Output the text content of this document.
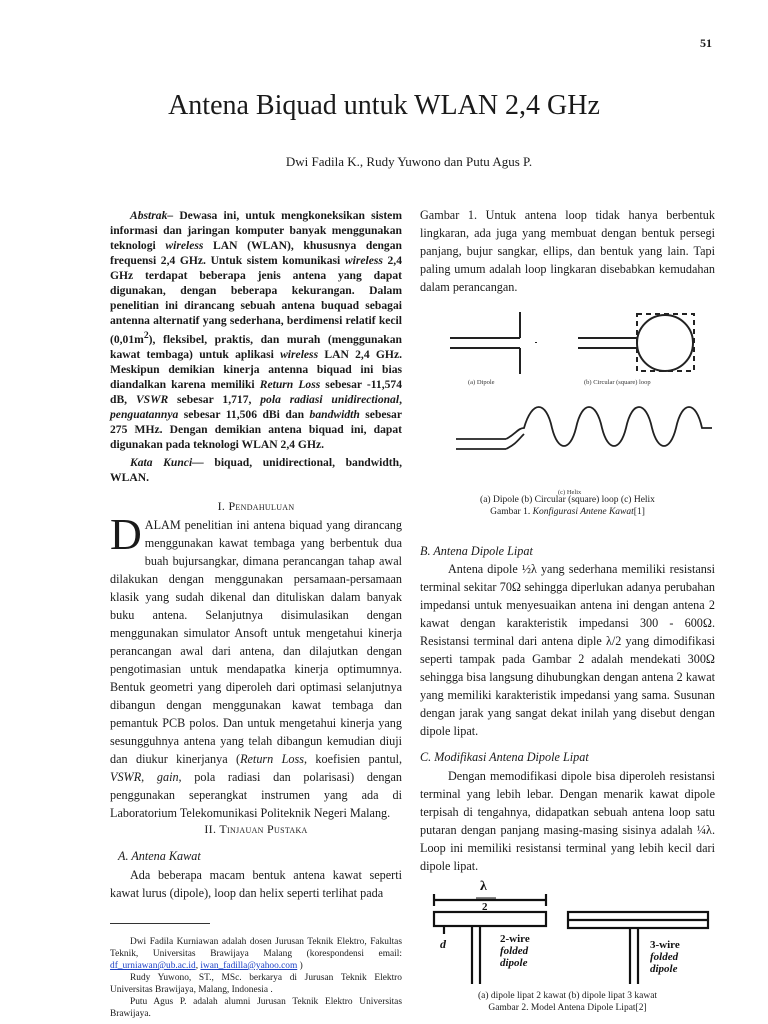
51
Antena Biquad untuk WLAN 2,4 GHz
Dwi Fadila K., Rudy Yuwono dan Putu Agus P.

Abstrak– Dewasa ini, untuk mengkoneksikan sistem informasi dan jaringan komputer banyak menggunakan teknologi wireless LAN (WLAN), khususnya dengan frequensi 2,4 GHz. Untuk sistem komunikasi wireless 2,4 GHz terdapat beberapa jenis antena yang dapat digunakan, dengan beberapa kekurangan. Dalam penelitian ini dirancang sebuah antena buquad sebagai antenna alternatif yang sederhana, berdimensi relatif kecil $(0,01m^2)$, fleksibel, praktis, dan murah (menggunakan kawat tembaga) untuk aplikasi wireless LAN 2,4 GHz. Meskipun demikian kinerja antenna biquad ini bias diandalkan karena memiliki Return Loss sebesar -11,574 dB, VSWR sebesar 1,717, pola radiasi unidirectional, penguatannya sebesar 11,506 dBi dan bandwidth sebesar 275 MHz. Dengan demikian antena biquad ini, dapat digunakan pada teknologi WLAN 2,4 GHz.

Kata Kunci— biquad, unidirectional, bandwidth, WLAN.

I. Pendahuluan
DALAM penelitian ini antena biquad yang dirancang menggunakan kawat tembaga yang berbentuk dua buah bujursangkar, dimana perancangan tahap awal dilakukan dengan menggunakan persamaan-persamaan klasik yang sudah dikenal dan dituliskan dalam banyak buku antena. Selanjutnya disimulasikan dengan menggunakan simulator Ansoft untuk mengetahui kinerja perancangan awal dari antena, dan dilajutkan dengan pengotimasian untuk mendapatka kinerja optimumnya. Bentuk geometri yang diperoleh dari optimasi selanjutnya dibangun dengan menggunakan kawat tembaga dan pemantuk PCB polos. Dan untuk mengetahui kinerja yang sesungguhnya antena yang telah dibangun kemudian diuji dan diukur kinerjanya (Return Loss, koefisien pantul, VSWR, gain, pola radiasi dan polarisasi) dengan penggunakan seperangkat instrumen yang ada di Laboratorium Telekomunikasi Politeknik Negeri Malang.
II. Tinjauan Pustaka
A. Antena Kawat

Ada beberapa macam bentuk antena kawat seperti kawat lurus (dipole), loop dan helix seperti terlihat pada

Dwi Fadila Kurniawan adalah dosen Jurusan Teknik Elektro, Fakultas Teknik, Universitas Brawijaya Malang (korespondensi email: df_urniawan@ub.ac.id, iwan_fadilla@yahoo.com )

Rudy Yuwono, ST., MSc. berkarya di Jurusan Teknik Elektro Universitas Brawijaya, Malang, Indonesia .

Putu Agus P. adalah alumni Jurusan Teknik Elektro Universitas Brawijaya.

Gambar 1. Untuk antena loop tidak hanya berbentuk lingkaran, ada juga yang membuat dengan bentuk persegi panjang, bujur sangkar, ellips, dan bentuk yang lain. Tapi paling umum adalah loop lingkaran disebabkan kemudahan dalam perancangan.

(a) Dipole	(b) Circular (square) loop
(c) Helix
(a) Dipole (b) Circular (square) loop (c) Helix
Gambar 1. Konfigurasi Antene Kawat[1]
B. Antena Dipole Lipat

Antena dipole ½λ yang sederhana memiliki resistansi terminal sekitar 70Ω sehingga diperlukan adanya perubahan impedansi untuk menyesuaikan antena ini dengan antena 2 kawat dengan karakteristik impedansi 300 - 600Ω. Resistansi terminal dari antena diple λ/2 yang dimodifikasi seperti tampak pada Gambar 2 adalah mendekati 300Ω sehingga bisa langsung dihubungkan dengan antena 2 kawat yang memiliki karakteristik impedansi yang sama. Susunan dengan jarak yang sangat dekat inilah yang disebut dengan dipole lipat.

C. Modifikasi Antena Dipole Lipat

Dengan memodifikasi dipole bisa diperoleh resistansi terminal yang lebih lebar. Dengan menarik kawat dipole terpisah di tengahnya, didapatkan sebuah antena loop satu putaran dengan panjang masing-masing sisinya adalah ¼λ. Loop ini memiliki resistansi terminal yang lebih kecil dari dipole lipat.

λ
2
d	2-wire
folded
dipole
3-wire
folded
dipole
(a) dipole lipat 2 kawat (b) dipole lipat 3 kawat
Gambar 2. Model Antena Dipole Lipat[2]
